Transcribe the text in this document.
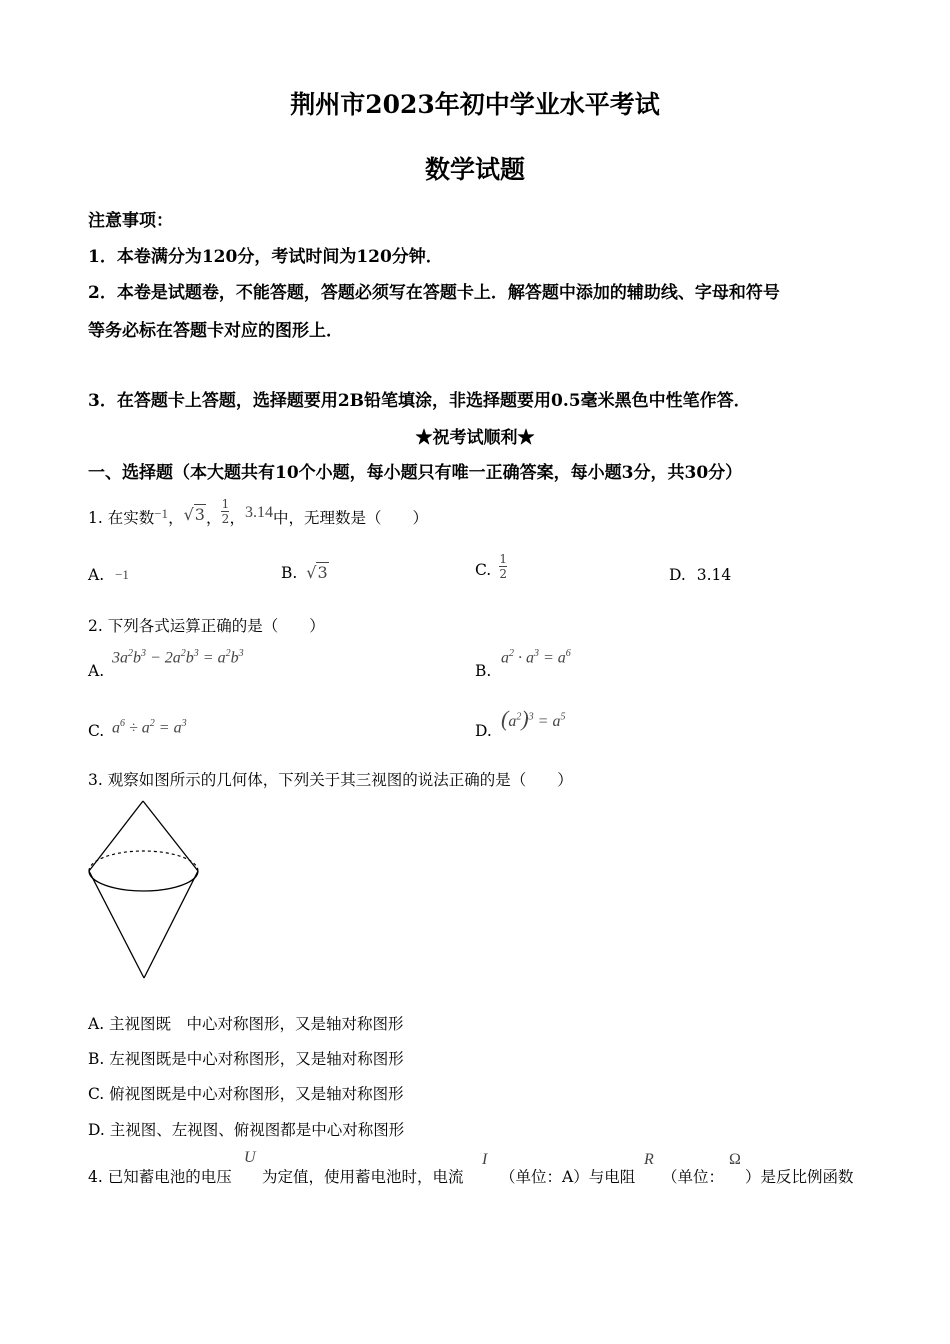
荆州市2023年初中学业水平考试
数学试题
注意事项：
1．本卷满分为120分，考试时间为120分钟．
2．本卷是试题卷，不能答题，答题必须写在答题卡上．解答题中添加的辅助线、字母和符号
等务必标在答题卡对应的图形上．
3．在答题卡上答题，选择题要用2B铅笔填涂，非选择题要用0.5毫米黑色中性笔作答．
★祝考试顺利★
一、选择题（本大题共有10个小题，每小题只有唯一正确答案，每小题3分，共30分）
1. 在实数 −1 ， √3 ， $\frac{1}{2}$ ， 3.14 中，无理数是（　　）
A. −1	B. √3	C. $\frac{1}{2}$	D. 3.14
2. 下列各式运算正确的是（　　）
A.
$3a^2b^3 - 2a^2b^3 = a^2b^3$
B.
$a^2 \cdot a^3 = a^6$
C. $a^6 \div a^2 = a^3$	D. $(a^2)^3 = a^5$
3. 观察如图所示的几何体，下列关于其三视图的说法正确的是（　　）
A. 主视图既　中心对称图形，又是轴对称图形
B. 左视图既是中心对称图形，又是轴对称图形
C. 俯视图既是中心对称图形，又是轴对称图形
D. 主视图、左视图、俯视图都是中心对称图形
4. 已知蓄电池的电压
U
为定值，使用蓄电池时，电流
I
（单位：A）与电阻
R
（单位：
Ω
）是反比例函数
